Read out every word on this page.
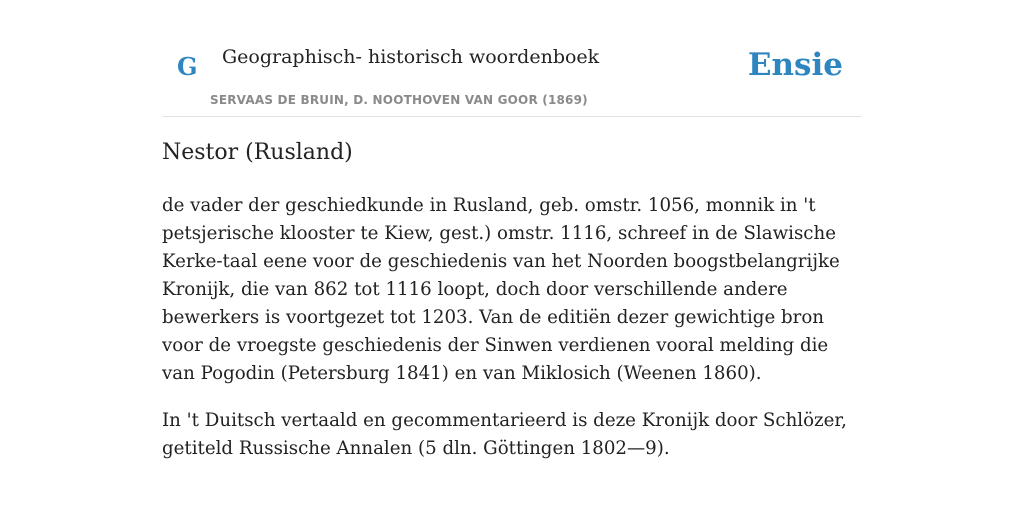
G Geographisch- historisch woordenboek
SERVAAS DE BRUIN, D. NOOTHOVEN VAN GOOR (1869)
Ensie
Nestor (Rusland)

de vader der geschiedkunde in Rusland, geb. omstr. 1056, monnik in 't petsjerische klooster te Kiew, gest.) omstr. 1116, schreef in de Slawische Kerke-taal eene voor de geschiedenis van het Noorden boogstbelangrijke Kronijk, die van 862 tot 1116 loopt, doch door verschillende andere bewerkers is voortgezet tot 1203. Van de editiën dezer gewichtige bron voor de vroegste geschiedenis der Sinwen verdienen vooral melding die van Pogodin (Petersburg 1841) en van Miklosich (Weenen 1860).

In 't Duitsch vertaald en gecommentarieerd is deze Kronijk door Schlözer, getiteld Russische Annalen (5 dln. Göttingen 1802—9).
